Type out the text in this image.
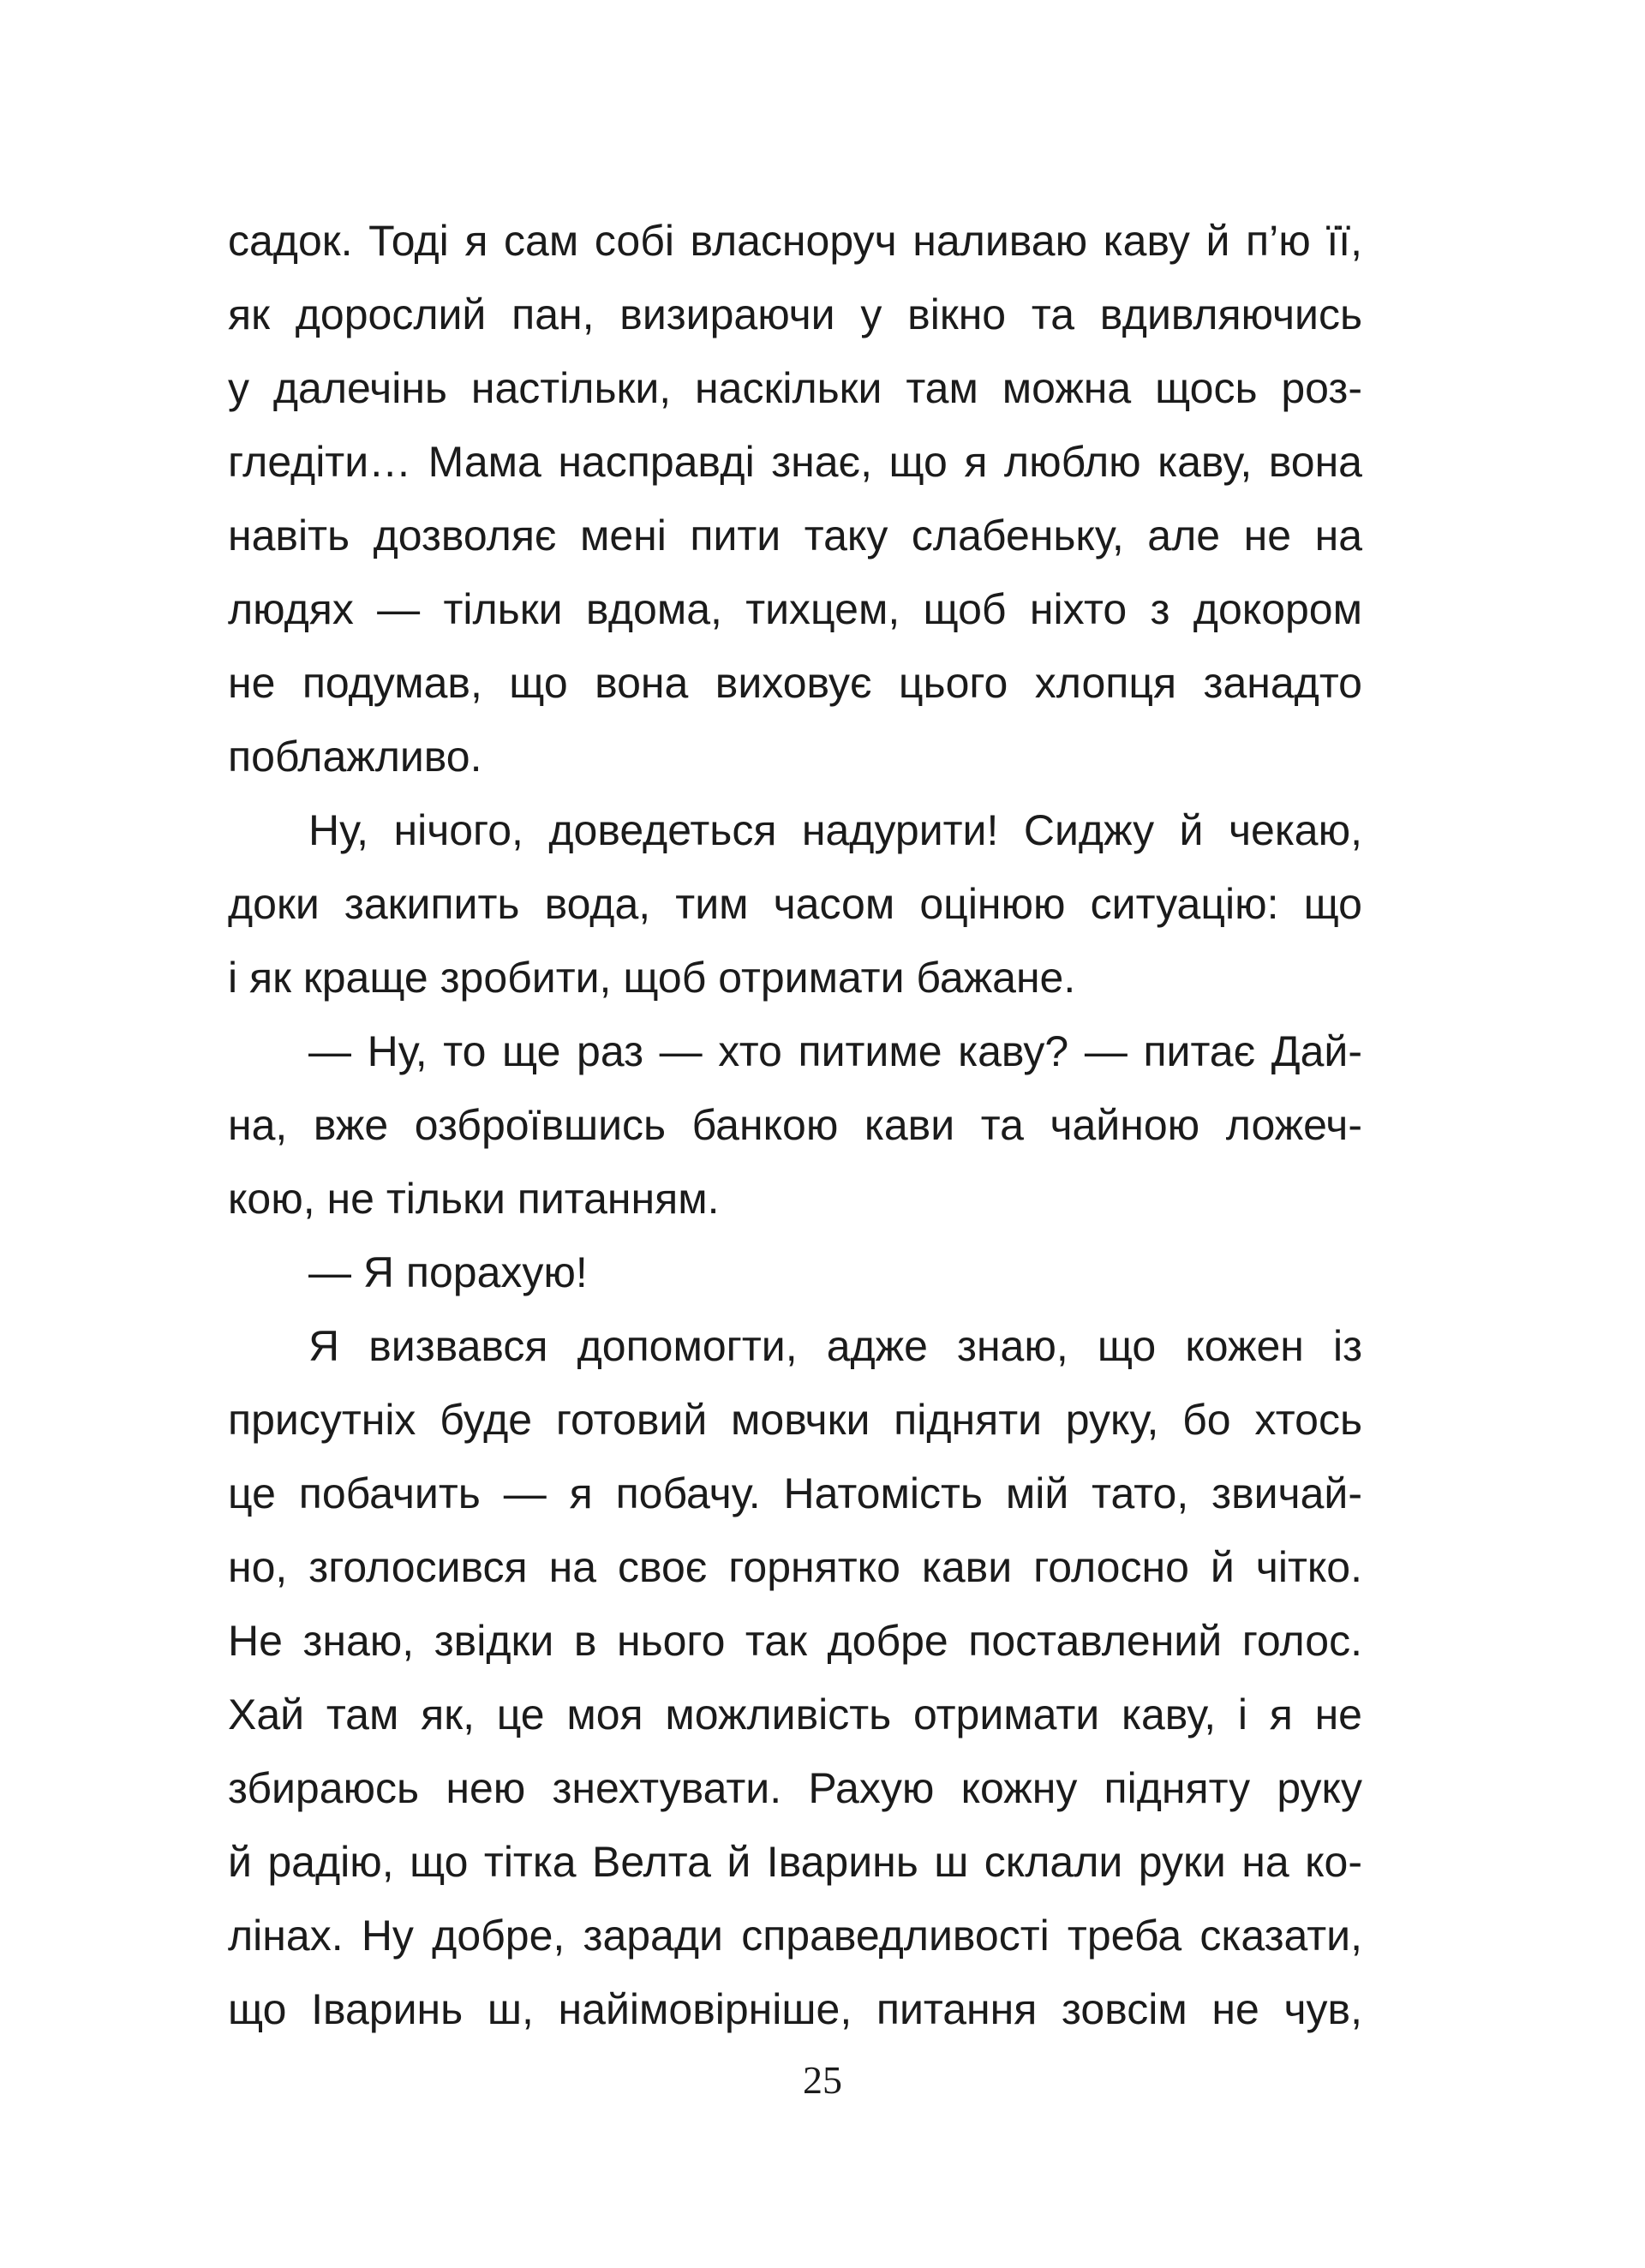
садок. Тоді я сам собі власноруч наливаю каву й п’ю її,
як дорослий пан, визираючи у вікно та вдивляючись
у далечінь настільки, наскільки там можна щось роз-
гледіти… Мама насправді знає, що я люблю каву, вона
навіть дозволяє мені пити таку слабеньку, але не на
людях — тільки вдома, тихцем, щоб ніхто з докором
не подумав, що вона виховує цього хлопця занадто
поблажливо.
Ну, нічого, доведеться надурити! Сиджу й чекаю,
доки закипить вода, тим часом оцінюю ситуацію: що
і як краще зробити, щоб отримати бажане.
— Ну, то ще раз — хто питиме каву? — питає Дай-
на, вже озброївшись банкою кави та чайною ложеч-
кою, не тільки питанням.
— Я порахую!
Я визвався допомогти, адже знаю, що кожен із
присутніх буде готовий мовчки підняти руку, бо хтось
це побачить — я побачу. Натомість мій тато, звичай-
но, зголосився на своє горнятко кави голосно й чітко.
Не знаю, звідки в нього так добре поставлений голос.
Хай там як, це моя можливість отримати каву, і я не
збираюсь нею знехтувати. Рахую кожну підняту руку
й радію, що тітка Велта й Іваринь ш склали руки на ко-
лінах. Ну добре, заради справедливості треба сказати,
що Іваринь ш, найімовірніше, питання зовсім не чув,
25
